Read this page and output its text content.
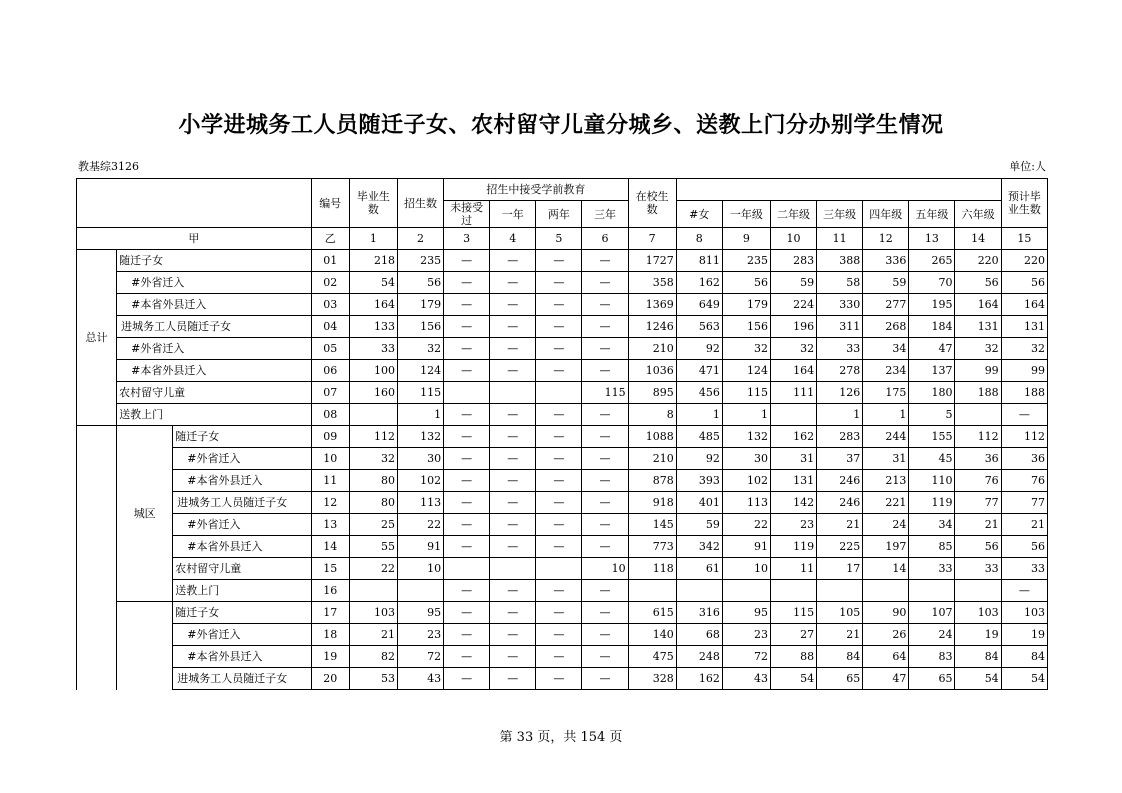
小学进城务工人员随迁子女、农村留守儿童分城乡、送教上门分办别学生情况
教基综3126	单位:人
			编号	毕业生数	招生数	招生中接受学前教育				在校生数								预计毕业生数
						未接受过	一年	两年	三年		#女	一年级	二年级	三年级	四年级	五年级	六年级	
甲			乙	1	2	3	4	5	6	7	8	9	10	11	12	13	14	15
总计	随迁子女		01	218	235	—	—	—	—	1727	811	235	283	388	336	265	220	220
	#外省迁入		02	54	56	—	—	—	—	358	162	56	59	58	59	70	56	56
	#本省外县迁入		03	164	179	—	—	—	—	1369	649	179	224	330	277	195	164	164
	进城务工人员随迁子女		04	133	156	—	—	—	—	1246	563	156	196	311	268	184	131	131
	#外省迁入		05	33	32	—	—	—	—	210	92	32	32	33	34	47	32	32
	#本省外县迁入		06	100	124	—	—	—	—	1036	471	124	164	278	234	137	99	99
	农村留守儿童		07	160	115				115	895	456	115	111	126	175	180	188	188
	送教上门		08		1	—	—	—	—	8	1	1		1	1	5		—
	城区	随迁子女	09	112	132	—	—	—	—	1088	485	132	162	283	244	155	112	112
		#外省迁入	10	32	30	—	—	—	—	210	92	30	31	37	31	45	36	36
		#本省外县迁入	11	80	102	—	—	—	—	878	393	102	131	246	213	110	76	76
		进城务工人员随迁子女	12	80	113	—	—	—	—	918	401	113	142	246	221	119	77	77
		#外省迁入	13	25	22	—	—	—	—	145	59	22	23	21	24	34	21	21
		#本省外县迁入	14	55	91	—	—	—	—	773	342	91	119	225	197	85	56	56
		农村留守儿童	15	22	10				10	118	61	10	11	17	14	33	33	33
		送教上门	16			—	—	—	—									—
		随迁子女	17	103	95	—	—	—	—	615	316	95	115	105	90	107	103	103
		#外省迁入	18	21	23	—	—	—	—	140	68	23	27	21	26	24	19	19
		#本省外县迁入	19	82	72	—	—	—	—	475	248	72	88	84	64	83	84	84
		进城务工人员随迁子女	20	53	43	—	—	—	—	328	162	43	54	65	47	65	54	54
第 33 页，共 154 页
